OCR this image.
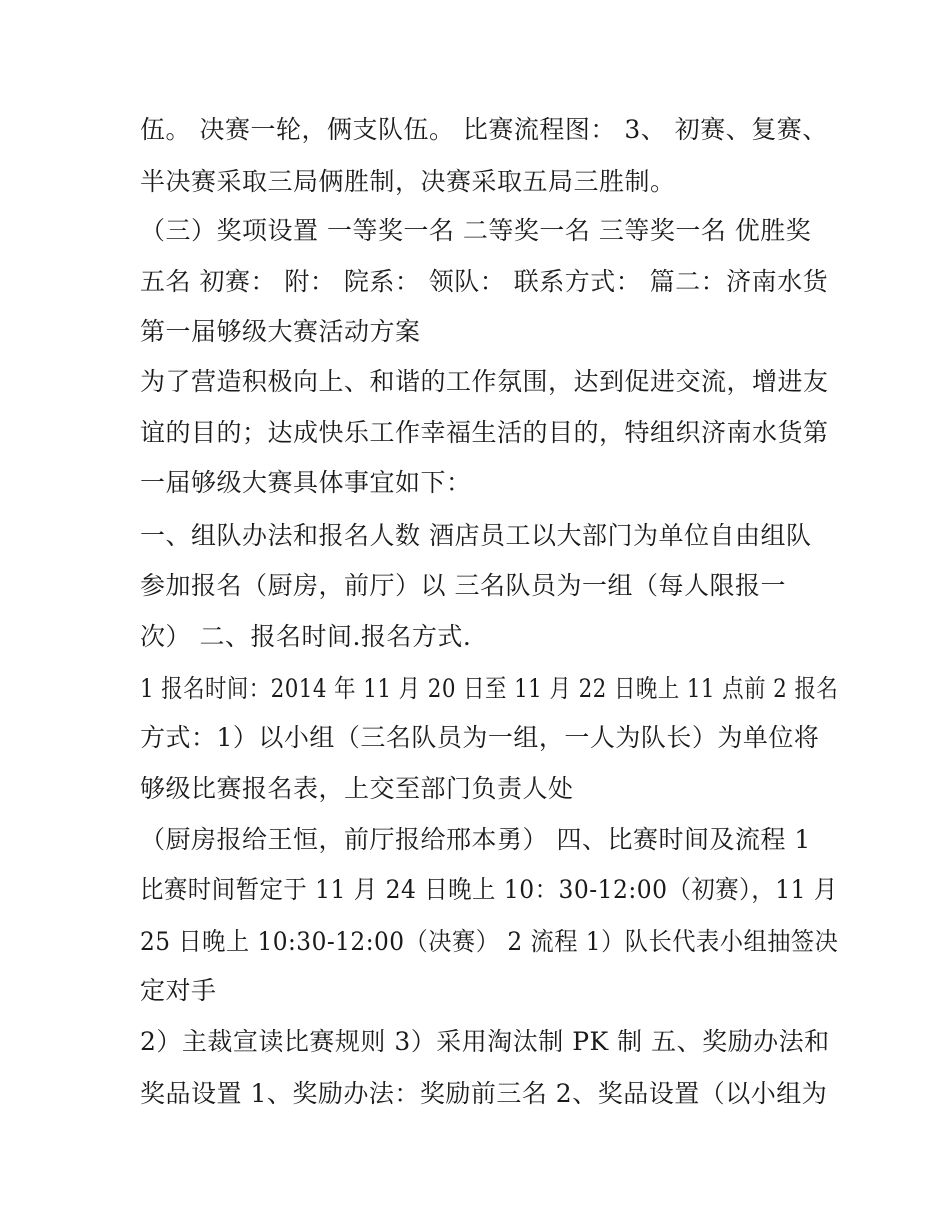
伍。 决赛一轮，俩支队伍。 比赛流程图： 3、 初赛、复赛、
半决赛采取三局俩胜制，决赛采取五局三胜制。
（三）奖项设置 一等奖一名 二等奖一名 三等奖一名 优胜奖
五名 初赛： 附： 院系： 领队： 联系方式： 篇二：济南水货
第一届够级大赛活动方案
为了营造积极向上、和谐的工作氛围，达到促进交流，增进友
谊的目的；达成快乐工作幸福生活的目的，特组织济南水货第
一届够级大赛具体事宜如下：
一、组队办法和报名人数 酒店员工以大部门为单位自由组队
参加报名（厨房，前厅）以 三名队员为一组（每人限报一
次） 二、报名时间.报名方式.
1 报名时间：2014 年 11 月 20 日至 11 月 22 日晚上 11 点前 2 报名
方式：1）以小组（三名队员为一组，一人为队长）为单位将
够级比赛报名表，上交至部门负责人处
（厨房报给王恒，前厅报给邢本勇） 四、比赛时间及流程 1
比赛时间暂定于 11 月 24 日晚上 10：30-12:00（初赛），11 月
25 日晚上 10:30-12:00（决赛） 2 流程 1）队长代表小组抽签决
定对手
2）主裁宣读比赛规则 3）采用淘汰制 PK 制 五、奖励办法和
奖品设置 1、奖励办法：奖励前三名 2、奖品设置（以小组为
